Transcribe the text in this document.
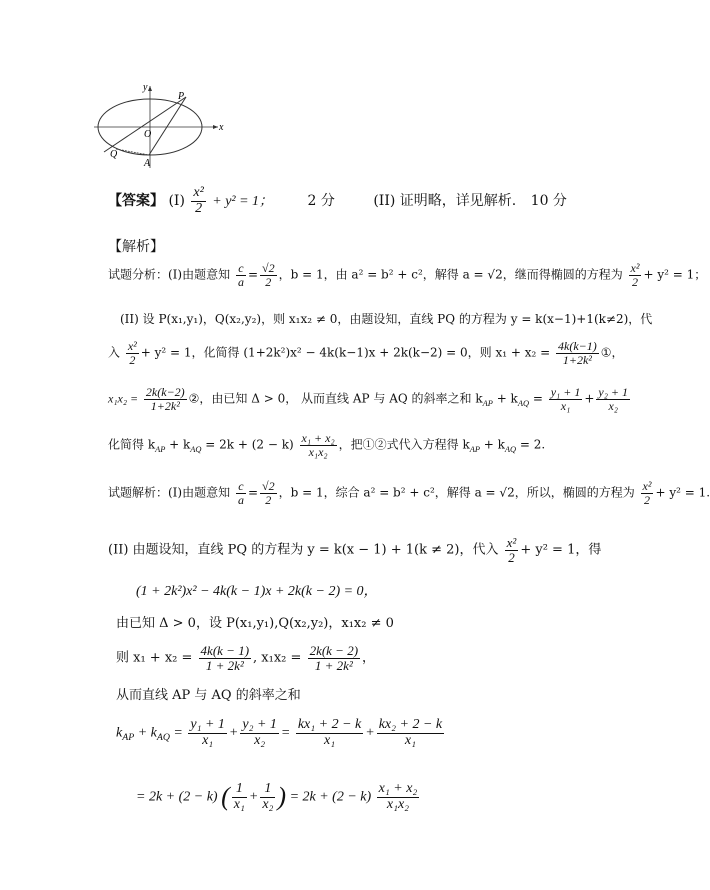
y
x
P
O
Q
A
【答案】 $(I) \frac{\text{x²}}{2} + y^2 = 1$； 2 分	(II) 证明略，详见解析. 10 分
【解析】
试题分析：(I)由题意知 $\frac{c}{a} = \frac{√2}{2}$ ，b = 1，由 a² = b² + c²，解得 a = √2，继而得椭圆的方程为 $\frac{\text{x²}}{2} + y^2 = 1$；
(II) 设 P(x₁,y₁)，Q(x₂,y₂)，则 x₁x₂ ≠ 0，由题设知，直线 PQ 的方程为 y = k(x−1)+1(k≠2)，代
入 $\frac{\text{x²}}{2} + y^2 = 1$，化简得 (1+2k²)x² − 4k(k−1)x + 2k(k−2) = 0，则 $x_1 + x_2 = \frac{4k(k-1)}{\text{1+2k²}}$ ①，
$x_1x_2 = \frac{2k(k-2)}{\text{1+2k²}}$ ②，由已知 Δ > 0， 从而直线 AP 与 AQ 的斜率之和 $k_{AP} + k_{AQ} = \frac{\text{y₁ + 1}}{\text{x₁}} + \frac{\text{y₂ + 1}}{\text{x₂}}$
化简得 $k_{AP} + k_{AQ} = 2k + (2 - k) \frac{\text{x₁ + x₂}}{\text{x₁x₂}}$ ，把①②式代入方程得 $k_{AP} + k_{AQ} = 2$.
试题解析：(I)由题意知 $\frac{c}{a} = \frac{√2}{2}$ ，b = 1，综合 a² = b² + c²，解得 a = √2，所以，椭圆的方程为 $\frac{\text{x²}}{2} + y^2 = 1$.
(II) 由题设知，直线 PQ 的方程为 y = k(x − 1) + 1(k ≠ 2)，代入 $\frac{\text{x²}}{2} + y^2 = 1$，得
(1 + 2k²)x² − 4k(k − 1)x + 2k(k − 2) = 0，
由已知 Δ > 0，设 P(x₁,y₁),Q(x₂,y₂)，x₁x₂ ≠ 0
则 $x_1 + x_2 = \frac{4k(k - 1)}{\text{1 + 2k²}}$ , $x_1x_2 = \frac{2k(k - 2)}{\text{1 + 2k²}}$ ，
从而直线 AP 与 AQ 的斜率之和
$k_{AP} + k_{AQ} = \frac{\text{y₁ + 1}}{\text{x₁}} + \frac{\text{y₂ + 1}}{\text{x₂}} = \frac{\text{kx₁ + 2 − k}}{\text{x₁}} + \frac{\text{kx₂ + 2 − k}}{\text{x₁}}$
= 2k + (2 − k) ( $\frac{1}{\text{x₁}} + \frac{1}{\text{x₂}}$ ) = $2k + (2 - k) \frac{\text{x₁ + x₂}}{\text{x₁x₂}}$
